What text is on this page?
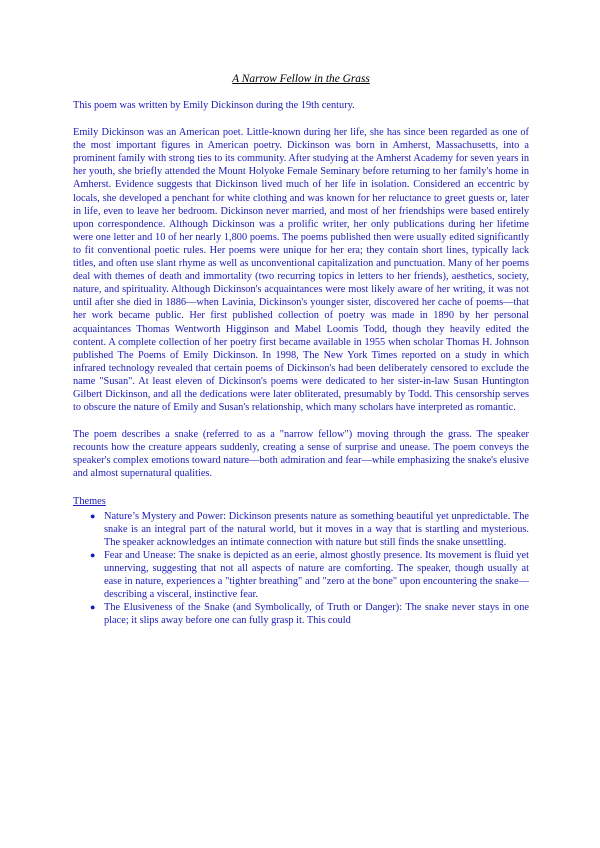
A Narrow Fellow in the Grass

This poem was written by Emily Dickinson during the 19th century.

Emily Dickinson was an American poet. Little-known during her life, she has since been regarded as one of the most important figures in American poetry. Dickinson was born in Amherst, Massachusetts, into a prominent family with strong ties to its community. After studying at the Amherst Academy for seven years in her youth, she briefly attended the Mount Holyoke Female Seminary before returning to her family's home in Amherst. Evidence suggests that Dickinson lived much of her life in isolation. Considered an eccentric by locals, she developed a penchant for white clothing and was known for her reluctance to greet guests or, later in life, even to leave her bedroom. Dickinson never married, and most of her friendships were based entirely upon correspondence. Although Dickinson was a prolific writer, her only publications during her lifetime were one letter and 10 of her nearly 1,800 poems. The poems published then were usually edited significantly to fit conventional poetic rules. Her poems were unique for her era; they contain short lines, typically lack titles, and often use slant rhyme as well as unconventional capitalization and punctuation. Many of her poems deal with themes of death and immortality (two recurring topics in letters to her friends), aesthetics, society, nature, and spirituality. Although Dickinson's acquaintances were most likely aware of her writing, it was not until after she died in 1886—when Lavinia, Dickinson's younger sister, discovered her cache of poems—that her work became public. Her first published collection of poetry was made in 1890 by her personal acquaintances Thomas Wentworth Higginson and Mabel Loomis Todd, though they heavily edited the content. A complete collection of her poetry first became available in 1955 when scholar Thomas H. Johnson published The Poems of Emily Dickinson. In 1998, The New York Times reported on a study in which infrared technology revealed that certain poems of Dickinson's had been deliberately censored to exclude the name "Susan". At least eleven of Dickinson's poems were dedicated to her sister-in-law Susan Huntington Gilbert Dickinson, and all the dedications were later obliterated, presumably by Todd. This censorship serves to obscure the nature of Emily and Susan's relationship, which many scholars have interpreted as romantic.

The poem describes a snake (referred to as a "narrow fellow") moving through the grass. The speaker recounts how the creature appears suddenly, creating a sense of surprise and unease. The poem conveys the speaker's complex emotions toward nature—both admiration and fear—while emphasizing the snake's elusive and almost supernatural qualities.

Themes
● Nature’s Mystery and Power: Dickinson presents nature as something beautiful yet unpredictable. The snake is an integral part of the natural world, but it moves in a way that is startling and mysterious. The speaker acknowledges an intimate connection with nature but still finds the snake unsettling.
● Fear and Unease: The snake is depicted as an eerie, almost ghostly presence. Its movement is fluid yet unnerving, suggesting that not all aspects of nature are comforting. The speaker, though usually at ease in nature, experiences a "tighter breathing" and "zero at the bone" upon encountering the snake—describing a visceral, instinctive fear.
● The Elusiveness of the Snake (and Symbolically, of Truth or Danger): The snake never stays in one place; it slips away before one can fully grasp it. This could
